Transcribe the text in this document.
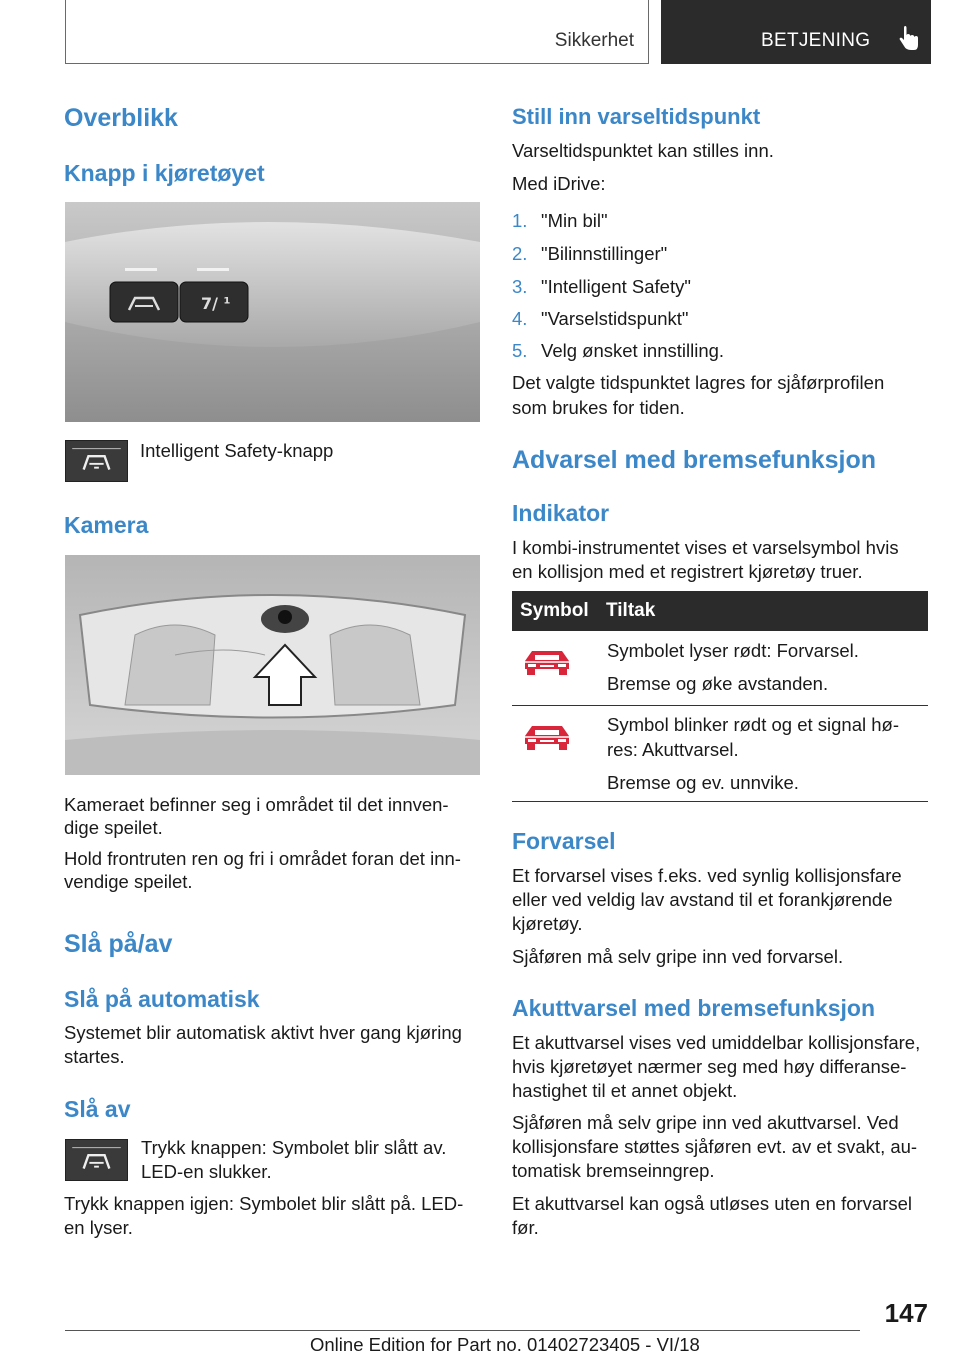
Sikkerhet	BETJENING
Overblikk
Knapp i kjøretøyet
7/ ¹
Intelligent Safety-knapp
Kamera
Kameraet befinner seg i området til det innven-
dige speilet.
Hold frontruten ren og fri i området foran det inn-
vendige speilet.
Slå på/av
Slå på automatisk
Systemet blir automatisk aktivt hver gang kjøring
startes.
Slå av
Trykk knappen: Symbolet blir slått av.
LED-en slukker.
Trykk knappen igjen: Symbolet blir slått på. LED-
en lyser.
Still inn varseltidspunkt
Varseltidspunktet kan stilles inn.
Med iDrive:
1. "Min bil"
2. "Bilinnstillinger"
3. "Intelligent Safety"
4. "Varselstidspunkt"
5. Velg ønsket innstilling.
Det valgte tidspunktet lagres for sjåførprofilen
som brukes for tiden.
Advarsel med bremsefunksjon
Indikator
I kombi-instrumentet vises et varselsymbol hvis
en kollisjon med et registrert kjøretøy truer.
Symbol Tiltak
Symbolet lyser rødt: Forvarsel.
Bremse og øke avstanden.
Symbol blinker rødt og et signal hø-
res: Akuttvarsel.
Bremse og ev. unnvike.
Forvarsel
Et forvarsel vises f.eks. ved synlig kollisjonsfare
eller ved veldig lav avstand til et forankjørende
kjøretøy.
Sjåføren må selv gripe inn ved forvarsel.
Akuttvarsel med bremsefunksjon
Et akuttvarsel vises ved umiddelbar kollisjonsfare,
hvis kjøretøyet nærmer seg med høy differanse-
hastighet til et annet objekt.
Sjåføren må selv gripe inn ved akuttvarsel. Ved
kollisjonsfare støttes sjåføren evt. av et svakt, au-
tomatisk bremseinngrep.
Et akuttvarsel kan også utløses uten en forvarsel
før.
147
Online Edition for Part no. 01402723405 - VI/18
